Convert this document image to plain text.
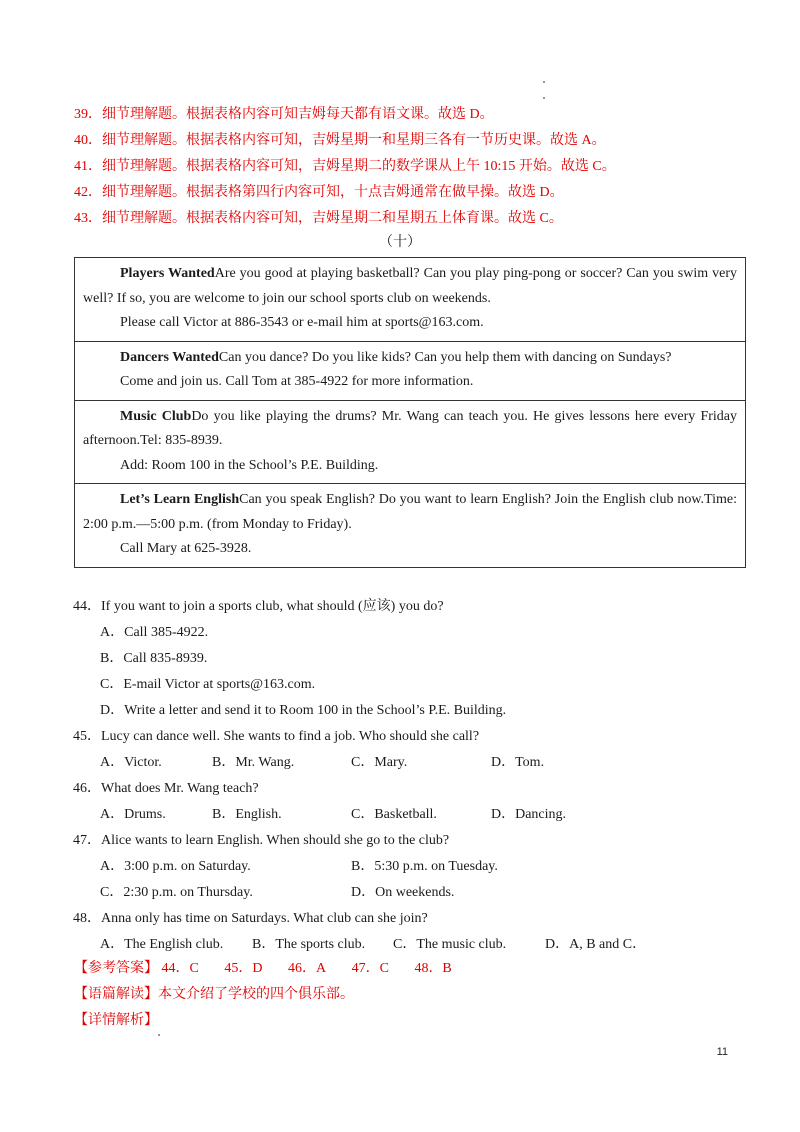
39．细节理解题。根据表格内容可知吉姆每天都有语文课。故选 D。
40．细节理解题。根据表格内容可知，吉姆星期一和星期三各有一节历史课。故选 A。
41．细节理解题。根据表格内容可知，吉姆星期二的数学课从上午 10:15 开始。故选 C。
42．细节理解题。根据表格第四行内容可知，十点吉姆通常在做早操。故选 D。
43．细节理解题。根据表格内容可知，吉姆星期二和星期五上体育课。故选 C。
（十）

Players WantedAre you good at playing basketball? Can you play ping-pong or soccer? Can you swim very well? If so, you are welcome to join our school sports club on weekends.

Please call Victor at 886-3543 or e-mail him at sports@163.com.

Dancers WantedCan you dance? Do you like kids? Can you help them with dancing on Sundays?

Come and join us. Call Tom at 385-4922 for more information.

Music ClubDo you like playing the drums? Mr. Wang can teach you. He gives lessons here every Friday afternoon.Tel: 835-8939.

Add: Room 100 in the School’s P.E. Building.

Let’s Learn EnglishCan you speak English? Do you want to learn English? Join the English club now.Time: 2:00 p.m.—5:00 p.m. (from Monday to Friday).

Call Mary at 625-3928.

44．If you want to join a sports club, what should (应该) you do?
A．Call 385-4922.
B．Call 835-8939.
C．E-mail Victor at sports@163.com.
D．Write a letter and send it to Room 100 in the School’s P.E. Building.
45．Lucy can dance well. She wants to find a job. Who should she call?
A．Victor.	B．Mr. Wang.	C．Mary.	D．Tom.
46．What does Mr. Wang teach?
A．Drums.	B．English.	C．Basketball.	D．Dancing.
47．Alice wants to learn English. When should she go to the club?
A．3:00 p.m. on Saturday.	B．5:30 p.m. on Tuesday.
C．2:30 p.m. on Thursday.	D．On weekends.
48．Anna only has time on Saturdays. What club can she join?
A．The English club. B．The sports club. C．The music club.	D．A, B and C．
【参考答案】 44．C 45．D 46．A 47．C 48．B
【语篇解读】本文介绍了学校的四个俱乐部。
【详情解析】
11
